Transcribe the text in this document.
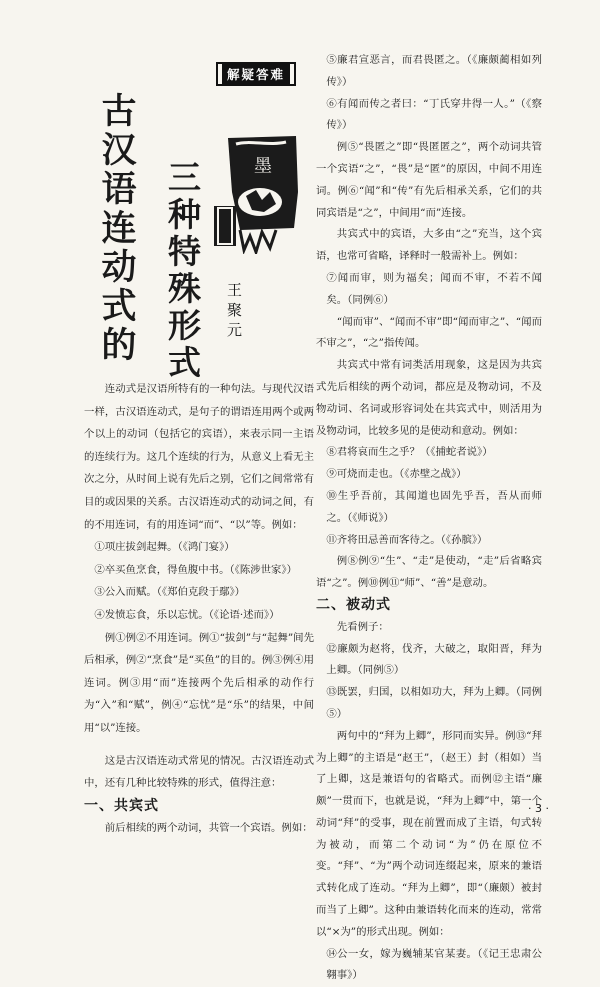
解疑答难
古汉语连动式的 三种特殊形式	墨
王聚元

连动式是汉语所特有的一种句法。与现代汉语一样，古汉语连动式，是句子的谓语连用两个或两个以上的动词（包括它的宾语），来表示同一主语的连续行为。这几个连续的行为，从意义上看无主次之分，从时间上说有先后之别，它们之间常常有目的或因果的关系。古汉语连动式的动词之间，有的不用连词，有的用连词“而”、“以”等。例如：

①项庄拔剑起舞。（《鸿门宴》）

②卒买鱼烹食，得鱼腹中书。（《陈涉世家》）

③公入而赋。（《郑伯克段于鄢》）

④发愤忘食，乐以忘忧。（《论语·述而》）

例①例②不用连词。例①“拔剑”与“起舞”间先后相承，例②“烹食”是“买鱼”的目的。例③例④用连词。例③用“而”连接两个先后相承的动作行为“入”和“赋”，例④“忘忧”是“乐”的结果，中间用“以”连接。

这是古汉语连动式常见的情况。古汉语连动式中，还有几种比较特殊的形式，值得注意：

一、共宾式

前后相续的两个动词，共管一个宾语。例如：

⑤廉君宣恶言，而君畏匿之。（《廉颇蔺相如列传》）

⑥有闻而传之者曰：“丁氏穿井得一人。”（《察传》）

例⑤“畏匿之”即“畏匿匿之”，两个动词共管一个宾语“之”，“畏”是“匿”的原因，中间不用连词。例⑥“闻”和“传”有先后相承关系，它们的共同宾语是“之”，中间用“而”连接。

共宾式中的宾语，大多由“之”充当，这个宾语，也常可省略，译释时一般需补上。例如：

⑦闻而审，则为福矣；闻而不审，不若不闻矣。（同例⑥）

“闻而审”、“闻而不审”即“闻而审之”、“闻而不审之”，“之”指传闻。

共宾式中常有词类活用现象，这是因为共宾式先后相续的两个动词，都应是及物动词，不及物动词、名词或形容词处在共宾式中，则活用为及物动词，比较多见的是使动和意动。例如：

⑧君将哀而生之乎？（《捕蛇者说》）

⑨可烧而走也。（《赤壁之战》）

⑩生乎吾前，其闻道也固先乎吾，吾从而师之。（《师说》）

⑪齐将田忌善而客待之。（《孙膑》）

例⑧例⑨“生”、“走”是使动，“走”后省略宾语“之”。例⑩例⑪“师”、“善”是意动。

二、被动式

先看例子：

⑫廉颇为赵将，伐齐，大破之，取阳晋，拜为上卿。（同例⑤）

⑬既罢，归国，以相如功大，拜为上卿。（同例⑤）

两句中的“拜为上卿”，形同而实异。例⑬“拜为上卿”的主语是“赵王”，（赵王）封（相如）当了上卿，这是兼语句的省略式。而例⑫主语“廉颇”一贯而下，也就是说，“拜为上卿”中，第一个动词“拜”的受事，现在前置而成了主语，句式转为被动，而第二个动词“为”仍在原位不变。“拜”、“为”两个动词连缀起来，原来的兼语式转化成了连动。“拜为上卿”，即“（廉颇）被封而当了上卿”。这种由兼语转化而来的连动，常常以“×为”的形式出现。例如：

⑭公一女，嫁为巍辅某官某妻。（《记王忠肃公翱事》）

· 3 ·
